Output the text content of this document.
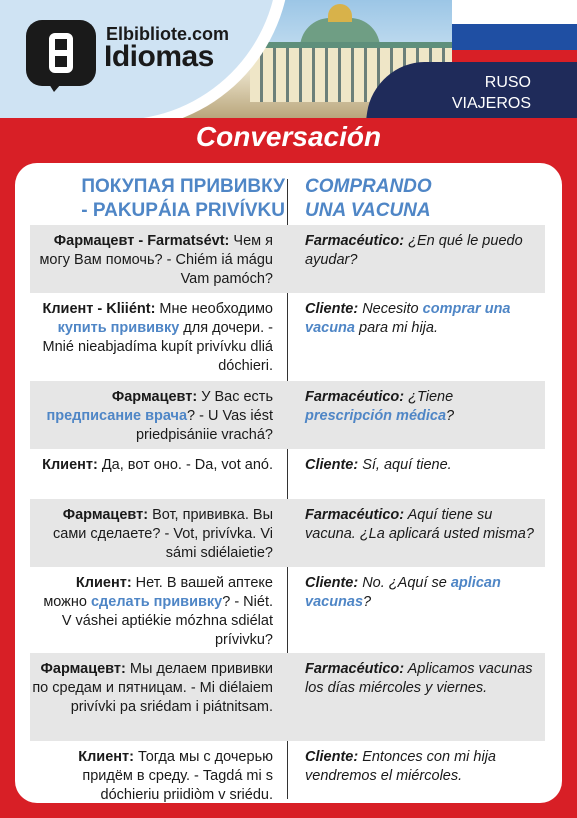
RUSO
VIAJEROS
Elbibliote.com
Idiomas
Conversación
ПОКУПАЯ ПРИВИВКУ
- PAKUPÁIA PRIVÍVKU
COMPRANDO
UNA VACUNA
Фармацевт - Farmatsévt: Чем я могу Вам помочь? - Chiém iá mágu Vam pamóch?
Farmacéutico: ¿En qué le puedo ayudar?
Клиент - Kliiént: Мне необходимо купить прививку для дочери. - Mnié nieabjadíma kupít privívku dliá dóchieri.
Cliente: Necesito comprar una vacuna para mi hija.
Фармацевт: У Вас есть предписание врача? - U Vas iést priedpisániie vrachá?
Farmacéutico: ¿Tiene prescripción médica?
Клиент: Да, вот оно. - Da, vot anó. Cliente: Sí, aquí tiene.
Фармацевт: Вот, прививка. Вы сами сделаете? - Vot, privívka. Vi sámi sdiélaietie?
Farmacéutico: Aquí tiene su vacuna. ¿La aplicará usted misma?
Клиент: Нет. В вашей аптеке можно сделать прививку? - Niét. V váshei aptiékie mózhna sdiélat prívivku?
Cliente: No. ¿Aquí se aplican vacunas?
Фармацевт: Мы делаем прививки по средам и пятницам. - Mi diélaiem privívki pa sriédam i piátnitsam.
Farmacéutico: Aplicamos vacunas los días miércoles y viernes.
Клиент: Тогда мы с дочерью придём в среду. - Tagdá mi s dóchieriu priidiòm v sriédu.
Cliente: Entonces con mi hija vendremos el miércoles.
